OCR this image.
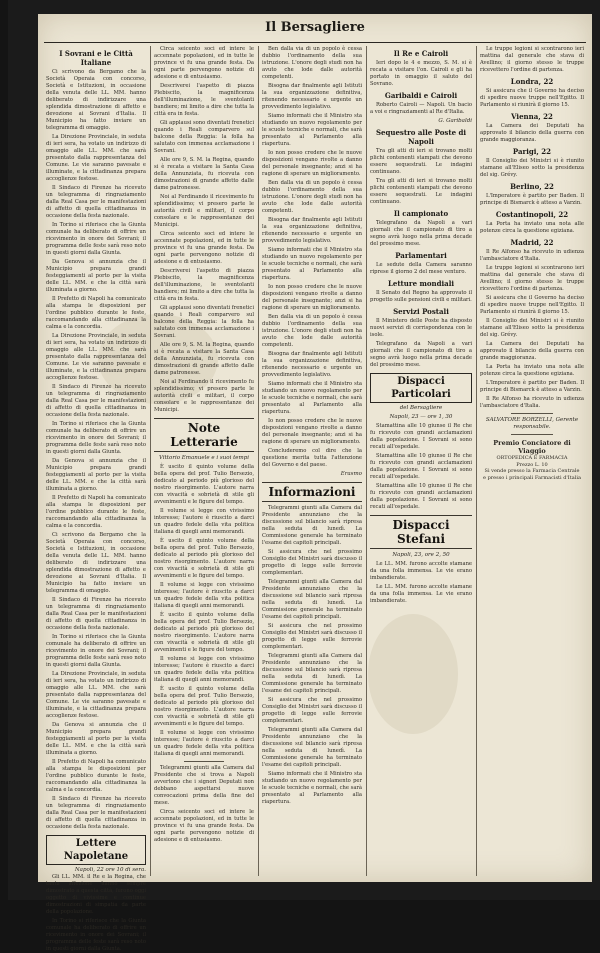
Il Bersagliere
I Sovrani e le Città Italiane

Ci scrivono da Bergamo che la Società Operaia con concorso, Società e Istituzioni, in occasione della venuta delle LL. MM. hanno deliberato di indirizzare una splendida dimostrazione di affetto e devozione ai Sovrani d'Italia. Il Municipio ha fatto inviare un telegramma di omaggio.

La Direzione Provinciale, in seduta di ieri sera, ha votato un indirizzo di omaggio alle LL. MM. che sarà presentato dalla rappresentanza del Comune. Le vie saranno pavesate e illuminate, e la cittadinanza prepara accoglienze festose.

Il Sindaco di Firenze ha ricevuto un telegramma di ringraziamento dalla Real Casa per le manifestazioni di affetto di quella cittadinanza in occasione della festa nazionale.

In Torino si riferisce che la Giunta comunale ha deliberato di offrire un ricevimento in onore dei Sovrani; il programma delle feste sarà reso noto in questi giorni dalla Giunta.

Da Genova si annunzia che il Municipio prepara grandi festeggiamenti al porto per la visita delle LL. MM. e che la città sarà illuminata a giorno.

Il Prefetto di Napoli ha comunicato alla stampa le disposizioni per l'ordine pubblico durante le feste, raccomandando alla cittadinanza la calma e la concordia.

La Direzione Provinciale, in seduta di ieri sera, ha votato un indirizzo di omaggio alle LL. MM. che sarà presentato dalla rappresentanza del Comune. Le vie saranno pavesate e illuminate, e la cittadinanza prepara accoglienze festose.

Il Sindaco di Firenze ha ricevuto un telegramma di ringraziamento dalla Real Casa per le manifestazioni di affetto di quella cittadinanza in occasione della festa nazionale.

In Torino si riferisce che la Giunta comunale ha deliberato di offrire un ricevimento in onore dei Sovrani; il programma delle feste sarà reso noto in questi giorni dalla Giunta.

Da Genova si annunzia che il Municipio prepara grandi festeggiamenti al porto per la visita delle LL. MM. e che la città sarà illuminata a giorno.

Il Prefetto di Napoli ha comunicato alla stampa le disposizioni per l'ordine pubblico durante le feste, raccomandando alla cittadinanza la calma e la concordia.

Ci scrivono da Bergamo che la Società Operaia con concorso, Società e Istituzioni, in occasione della venuta delle LL. MM. hanno deliberato di indirizzare una splendida dimostrazione di affetto e devozione ai Sovrani d'Italia. Il Municipio ha fatto inviare un telegramma di omaggio.

Il Sindaco di Firenze ha ricevuto un telegramma di ringraziamento dalla Real Casa per le manifestazioni di affetto di quella cittadinanza in occasione della festa nazionale.

In Torino si riferisce che la Giunta comunale ha deliberato di offrire un ricevimento in onore dei Sovrani; il programma delle feste sarà reso noto in questi giorni dalla Giunta.

La Direzione Provinciale, in seduta di ieri sera, ha votato un indirizzo di omaggio alle LL. MM. che sarà presentato dalla rappresentanza del Comune. Le vie saranno pavesate e illuminate, e la cittadinanza prepara accoglienze festose.

Da Genova si annunzia che il Municipio prepara grandi festeggiamenti al porto per la visita delle LL. MM. e che la città sarà illuminata a giorno.

Il Prefetto di Napoli ha comunicato alla stampa le disposizioni per l'ordine pubblico durante le feste, raccomandando alla cittadinanza la calma e la concordia.

Il Sindaco di Firenze ha ricevuto un telegramma di ringraziamento dalla Real Casa per le manifestazioni di affetto di quella cittadinanza in occasione della festa nazionale.

Lettere Napoletane
Napoli, 22 ore 10 di sera.

Gli LL. MM. il Re e la Regina, che tanta affezione hanno sempre dimostrato a questa città, furono oggi oggetto di vivissime e continue dimostrazioni di simpatia da parte della popolazione.

In Torino si riferisce che la Giunta comunale ha deliberato di offrire un ricevimento in onore dei Sovrani; il programma delle feste sarà reso noto in questi giorni dalla Giunta.

Circa seicento soci ed intere le accennate popolazioni, ed in tutte le province vi fu una grande festa. Da ogni parte pervengono notizie di adesione e di entusiasmo.

Descriverei l'aspetto di piazza Plebiscito, la magnificenza dell'illuminazione, le sventolanti bandiere; mi limito a dire che tutta la città era in festa.

Gli applausi sono diventati frenetici quando i Reali comparvero sul balcone della Reggia: la folla ha salutato con immensa acclamazione i Sovrani.

Alle ore 9, S. M. la Regina, quando si è recata a visitare la Santa Casa della Annunziata, fu ricevuta con dimostrazioni di grande affetto dalle dame patronesse.

Noi al Ferdinando il ricevimento fu splendidissimo; vi presero parte le autorità civili e militari, il corpo consolare e le rappresentanze dei Municipi.

Circa seicento soci ed intere le accennate popolazioni, ed in tutte le province vi fu una grande festa. Da ogni parte pervengono notizie di adesione e di entusiasmo.

Descriverei l'aspetto di piazza Plebiscito, la magnificenza dell'illuminazione, le sventolanti bandiere; mi limito a dire che tutta la città era in festa.

Gli applausi sono diventati frenetici quando i Reali comparvero sul balcone della Reggia: la folla ha salutato con immensa acclamazione i Sovrani.

Alle ore 9, S. M. la Regina, quando si è recata a visitare la Santa Casa della Annunziata, fu ricevuta con dimostrazioni di grande affetto dalle dame patronesse.

Noi al Ferdinando il ricevimento fu splendidissimo; vi presero parte le autorità civili e militari, il corpo consolare e le rappresentanze dei Municipi.

Note Letterarie
Vittorio Emanuele e i suoi tempi

È uscito il quinto volume della bella opera del prof. Tulio Bersezio, dedicato al periodo più glorioso del nostro risorgimento. L'autore narra con vivacità e sobrietà di stile gli avvenimenti e le figure del tempo.

Il volume si legge con vivissimo interesse; l'autore è riuscito a darci un quadro fedele della vita politica italiana di quegli anni memorandi.

È uscito il quinto volume della bella opera del prof. Tulio Bersezio, dedicato al periodo più glorioso del nostro risorgimento. L'autore narra con vivacità e sobrietà di stile gli avvenimenti e le figure del tempo.

Il volume si legge con vivissimo interesse; l'autore è riuscito a darci un quadro fedele della vita politica italiana di quegli anni memorandi.

È uscito il quinto volume della bella opera del prof. Tulio Bersezio, dedicato al periodo più glorioso del nostro risorgimento. L'autore narra con vivacità e sobrietà di stile gli avvenimenti e le figure del tempo.

Il volume si legge con vivissimo interesse; l'autore è riuscito a darci un quadro fedele della vita politica italiana di quegli anni memorandi.

È uscito il quinto volume della bella opera del prof. Tulio Bersezio, dedicato al periodo più glorioso del nostro risorgimento. L'autore narra con vivacità e sobrietà di stile gli avvenimenti e le figure del tempo.

Il volume si legge con vivissimo interesse; l'autore è riuscito a darci un quadro fedele della vita politica italiana di quegli anni memorandi.

Telegrammi giunti alla Camera dal Presidente che si trova a Napoli avvertono che i signori Deputati non debbano aspettarsi nuove convocazioni prima della fine del mese.

Circa seicento soci ed intere le accennate popolazioni, ed in tutte le province vi fu una grande festa. Da ogni parte pervengono notizie di adesione e di entusiasmo.

Ben dalla via di un popolo è cessa dubbio l'ordinamento della sua istruzione. L'onore degli studi non ha avuto che lode dalle autorità competenti.

Bisogna dar finalmente agli Istituti la sua organizzazione definitiva, ritenendo necessario e urgente un provvedimento legislativo.

Siamo informati che il Ministro sta studiando un nuovo regolamento per le scuole tecniche e normali, che sarà presentato al Parlamento alla riapertura.

Io non posso credere che le nuove disposizioni vengano rivolte a danno del personale insegnante; anzi si ha ragione di sperare un miglioramento.

Ben dalla via di un popolo è cessa dubbio l'ordinamento della sua istruzione. L'onore degli studi non ha avuto che lode dalle autorità competenti.

Bisogna dar finalmente agli Istituti la sua organizzazione definitiva, ritenendo necessario e urgente un provvedimento legislativo.

Siamo informati che il Ministro sta studiando un nuovo regolamento per le scuole tecniche e normali, che sarà presentato al Parlamento alla riapertura.

Io non posso credere che le nuove disposizioni vengano rivolte a danno del personale insegnante; anzi si ha ragione di sperare un miglioramento.

Ben dalla via di un popolo è cessa dubbio l'ordinamento della sua istruzione. L'onore degli studi non ha avuto che lode dalle autorità competenti.

Bisogna dar finalmente agli Istituti la sua organizzazione definitiva, ritenendo necessario e urgente un provvedimento legislativo.

Siamo informati che il Ministro sta studiando un nuovo regolamento per le scuole tecniche e normali, che sarà presentato al Parlamento alla riapertura.

Io non posso credere che le nuove disposizioni vengano rivolte a danno del personale insegnante; anzi si ha ragione di sperare un miglioramento.

Concluderemo col dire che la questione merita tutta l'attenzione del Governo e del paese.

Erasmo
Informazioni

Telegrammi giunti alla Camera dal Presidente annunziano che la discussione sul bilancio sarà ripresa nella seduta di lunedì. La Commissione generale ha terminato l'esame dei capitoli principali.

Si assicura che nel prossimo Consiglio dei Ministri sarà discusso il progetto di legge sulle ferrovie complementari.

Telegrammi giunti alla Camera dal Presidente annunziano che la discussione sul bilancio sarà ripresa nella seduta di lunedì. La Commissione generale ha terminato l'esame dei capitoli principali.

Si assicura che nel prossimo Consiglio dei Ministri sarà discusso il progetto di legge sulle ferrovie complementari.

Telegrammi giunti alla Camera dal Presidente annunziano che la discussione sul bilancio sarà ripresa nella seduta di lunedì. La Commissione generale ha terminato l'esame dei capitoli principali.

Si assicura che nel prossimo Consiglio dei Ministri sarà discusso il progetto di legge sulle ferrovie complementari.

Telegrammi giunti alla Camera dal Presidente annunziano che la discussione sul bilancio sarà ripresa nella seduta di lunedì. La Commissione generale ha terminato l'esame dei capitoli principali.

Siamo informati che il Ministro sta studiando un nuovo regolamento per le scuole tecniche e normali, che sarà presentato al Parlamento alla riapertura.

Il Re e Cairoli

Ieri dopo le 4 e mezzo, S. M. si è recata a visitare l'on. Cairoli e gli ha portato in omaggio il saluto del Sovrano.

Garibaldi e Cairoli

Roberto Cairoli — Napoli. Un bacio a voi e ringraziamenti al Re d'Italia.

G. Garibaldi
Sequestro alle Poste di Napoli

Tra gli atti di ieri si trovano molti plichi contenenti stampati che devono essere sequestrati. Le indagini continuano.

Tra gli atti di ieri si trovano molti plichi contenenti stampati che devono essere sequestrati. Le indagini continuano.

Il campionato

Telegrafano da Napoli a vari giornali che il campionato di tiro a segno avrà luogo nella prima decade del prossimo mese.

Parlamentari

Le sedute della Camera saranno riprese il giorno 2 del mese venturo.

Letture mondiali

Il Senato del Regno ha approvato il progetto sulle pensioni civili e militari.

Servizi Postali

Il Ministero delle Poste ha disposto nuovi servizi di corrispondenza con le isole.

Telegrafano da Napoli a vari giornali che il campionato di tiro a segno avrà luogo nella prima decade del prossimo mese.

Dispacci Particolari
del Bersagliere
Napoli, 23 — ore 1, 30

Stamattina alle 10 giunse il Re che fu ricevuto con grandi acclamazioni dalla popolazione. I Sovrani si sono recati all'ospedale.

Stamattina alle 10 giunse il Re che fu ricevuto con grandi acclamazioni dalla popolazione. I Sovrani si sono recati all'ospedale.

Stamattina alle 10 giunse il Re che fu ricevuto con grandi acclamazioni dalla popolazione. I Sovrani si sono recati all'ospedale.

Dispacci Stefani
Napoli, 23, ore 2, 50

Le LL. MM. furono accolte stamane da una folla immensa. Le vie erano imbandierate.

Le LL. MM. furono accolte stamane da una folla immensa. Le vie erano imbandierate.

Le truppe legioni si scontrarono ieri mattina dal generale che stava di Avellino; il giorno stesso le truppe ricevettero l'ordine di partenza.

Londra, 22

Si assicura che il Governo ha deciso di spedire nuove truppe nell'Egitto. Il Parlamento si riunirà il giorno 15.

Vienna, 22

La Camera dei Deputati ha approvato il bilancio della guerra con grande maggioranza.

Parigi, 22

Il Consiglio dei Ministri si è riunito stamane all'Eliseo sotto la presidenza del sig. Grévy.

Berlino, 22

L'Imperatore è partito per Baden. Il principe di Bismarck è atteso a Varzin.

Costantinopoli, 22

La Porta ha inviato una nota alle potenze circa la questione egiziana.

Madrid, 22

Il Re Alfonso ha ricevuto in udienza l'ambasciatore d'Italia.

Le truppe legioni si scontrarono ieri mattina dal generale che stava di Avellino; il giorno stesso le truppe ricevettero l'ordine di partenza.

Si assicura che il Governo ha deciso di spedire nuove truppe nell'Egitto. Il Parlamento si riunirà il giorno 15.

Il Consiglio dei Ministri si è riunito stamane all'Eliseo sotto la presidenza del sig. Grévy.

La Camera dei Deputati ha approvato il bilancio della guerra con grande maggioranza.

La Porta ha inviato una nota alle potenze circa la questione egiziana.

L'Imperatore è partito per Baden. Il principe di Bismarck è atteso a Varzin.

Il Re Alfonso ha ricevuto in udienza l'ambasciatore d'Italia.

SALVATORE BORZELLI, Gerente responsabile.
Premio Conciatore di Viaggio
ORTOPEDICA E FARMACIA
Prezzo L. 10
Si vende presso la Farmacia Centrale
e presso i principali Farmacisti d'Italia
